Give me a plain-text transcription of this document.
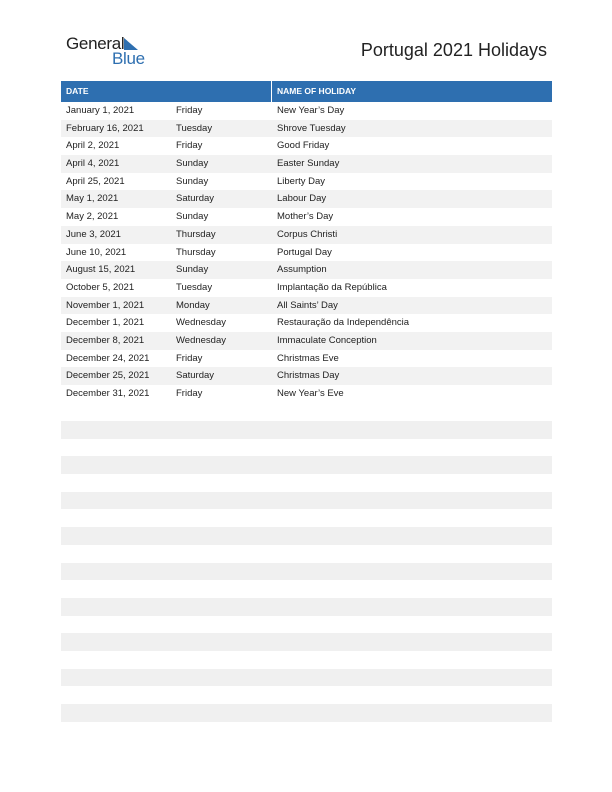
General
Blue	Portugal 2021 Holidays
DATE	NAME OF HOLIDAY
January 1, 2021	Friday	New Year’s Day
February 16, 2021	Tuesday	Shrove Tuesday
April 2, 2021	Friday	Good Friday
April 4, 2021	Sunday	Easter Sunday
April 25, 2021	Sunday	Liberty Day
May 1, 2021	Saturday	Labour Day
May 2, 2021	Sunday	Mother’s Day
June 3, 2021	Thursday	Corpus Christi
June 10, 2021	Thursday	Portugal Day
August 15, 2021	Sunday	Assumption
October 5, 2021	Tuesday	Implantação da República
November 1, 2021	Monday	All Saints’ Day
December 1, 2021	Wednesday	Restauração da Independência
December 8, 2021	Wednesday	Immaculate Conception
December 24, 2021	Friday	Christmas Eve
December 25, 2021	Saturday	Christmas Day
December 31, 2021	Friday	New Year’s Eve
